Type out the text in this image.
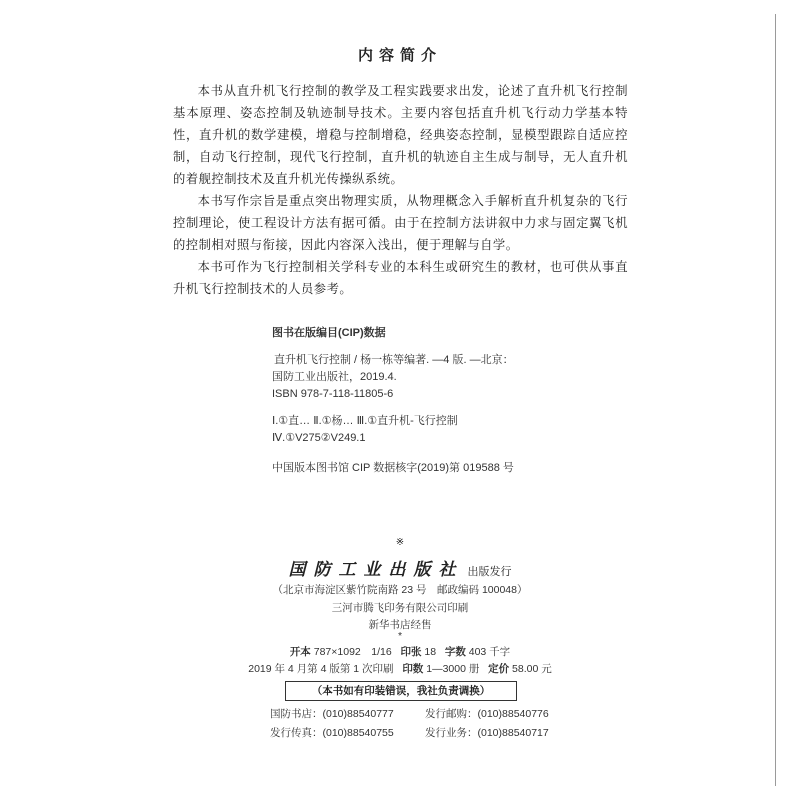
内容简介

本书从直升机飞行控制的教学及工程实践要求出发，论述了直升机飞行控制基本原理、姿态控制及轨迹制导技术。主要内容包括直升机飞行动力学基本特性，直升机的数学建模，增稳与控制增稳，经典姿态控制，显模型跟踪自适应控制，自动飞行控制，现代飞行控制，直升机的轨迹自主生成与制导，无人直升机的着舰控制技术及直升机光传操纵系统。

本书写作宗旨是重点突出物理实质，从物理概念入手解析直升机复杂的飞行控制理论，使工程设计方法有据可循。由于在控制方法讲叙中力求与固定翼飞机的控制相对照与衔接，因此内容深入浅出，便于理解与自学。

本书可作为飞行控制相关学科专业的本科生或研究生的教材，也可供从事直升机飞行控制技术的人员参考。

图书在版编目(CIP)数据
直升机飞行控制 / 杨一栋等编著. —4 版. —北京：
国防工业出版社，2019.4.
ISBN 978-7-118-11805-6
Ⅰ.①直… Ⅱ.①杨… Ⅲ.①直升机-飞行控制
Ⅳ.①V275②V249.1
中国版本图书馆 CIP 数据核字(2019)第 019588 号
※
国防工业出版社 出版发行
（北京市海淀区紫竹院南路 23 号　邮政编码 100048）
三河市腾飞印务有限公司印刷
新华书店经售
*
开本 787×1092　1/16 印张 18 字数 403 千字
2019 年 4 月第 4 版第 1 次印刷 印数 1—3000 册 定价 58.00 元
（本书如有印装错误，我社负责调换）
国防书店：(010)88540777	发行邮购：(010)88540776
发行传真：(010)88540755	发行业务：(010)88540717
